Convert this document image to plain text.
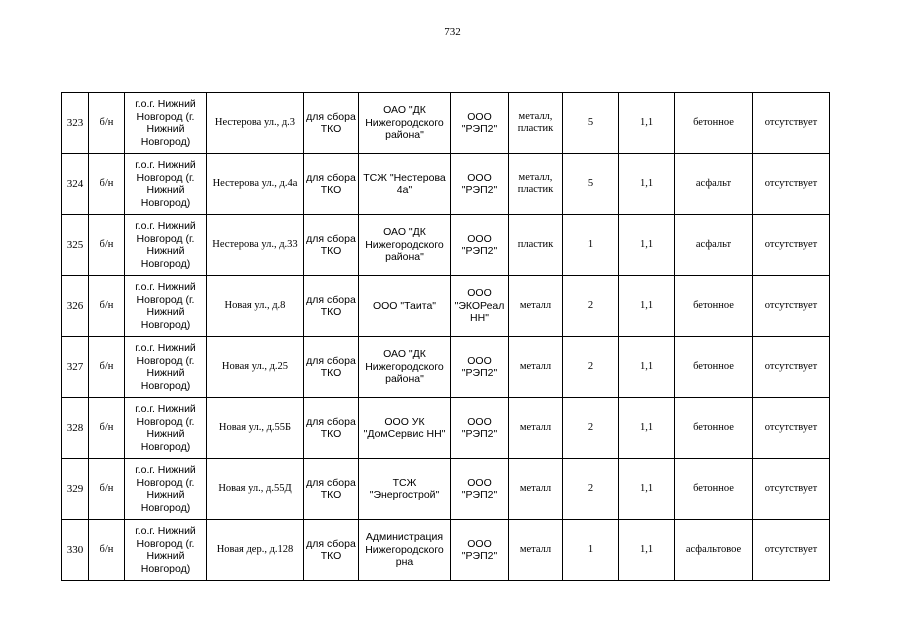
732
323	б/н	г.о.г. Нижний Новгород (г. Нижний Новгород)	Нестерова ул., д.3	для сбора ТКО	ОАО "ДК Нижегородского района"	ООО "РЭП2"	металл, пластик	5	1,1	бетонное	отсутствует
324	б/н	г.о.г. Нижний Новгород (г. Нижний Новгород)	Нестерова ул., д.4а	для сбора ТКО	ТСЖ "Нестерова 4а"	ООО "РЭП2"	металл, пластик	5	1,1	асфальт	отсутствует
325	б/н	г.о.г. Нижний Новгород (г. Нижний Новгород)	Нестерова ул., д.33	для сбора ТКО	ОАО "ДК Нижегородского района"	ООО "РЭП2"	пластик	1	1,1	асфальт	отсутствует
326	б/н	г.о.г. Нижний Новгород (г. Нижний Новгород)	Новая ул., д.8	для сбора ТКО	ООО "Таита"	ООО "ЭКОРеал НН"	металл	2	1,1	бетонное	отсутствует
327	б/н	г.о.г. Нижний Новгород (г. Нижний Новгород)	Новая ул., д.25	для сбора ТКО	ОАО "ДК Нижегородского района"	ООО "РЭП2"	металл	2	1,1	бетонное	отсутствует
328	б/н	г.о.г. Нижний Новгород (г. Нижний Новгород)	Новая ул., д.55Б	для сбора ТКО	ООО УК "ДомСервис НН"	ООО "РЭП2"	металл	2	1,1	бетонное	отсутствует
329	б/н	г.о.г. Нижний Новгород (г. Нижний Новгород)	Новая ул., д.55Д	для сбора ТКО	ТСЖ "Энергострой"	ООО "РЭП2"	металл	2	1,1	бетонное	отсутствует
330	б/н	г.о.г. Нижний Новгород (г. Нижний Новгород)	Новая дер., д.128	для сбора ТКО	Администрация Нижегородского рна	ООО "РЭП2"	металл	1	1,1	асфальтовое	отсутствует
